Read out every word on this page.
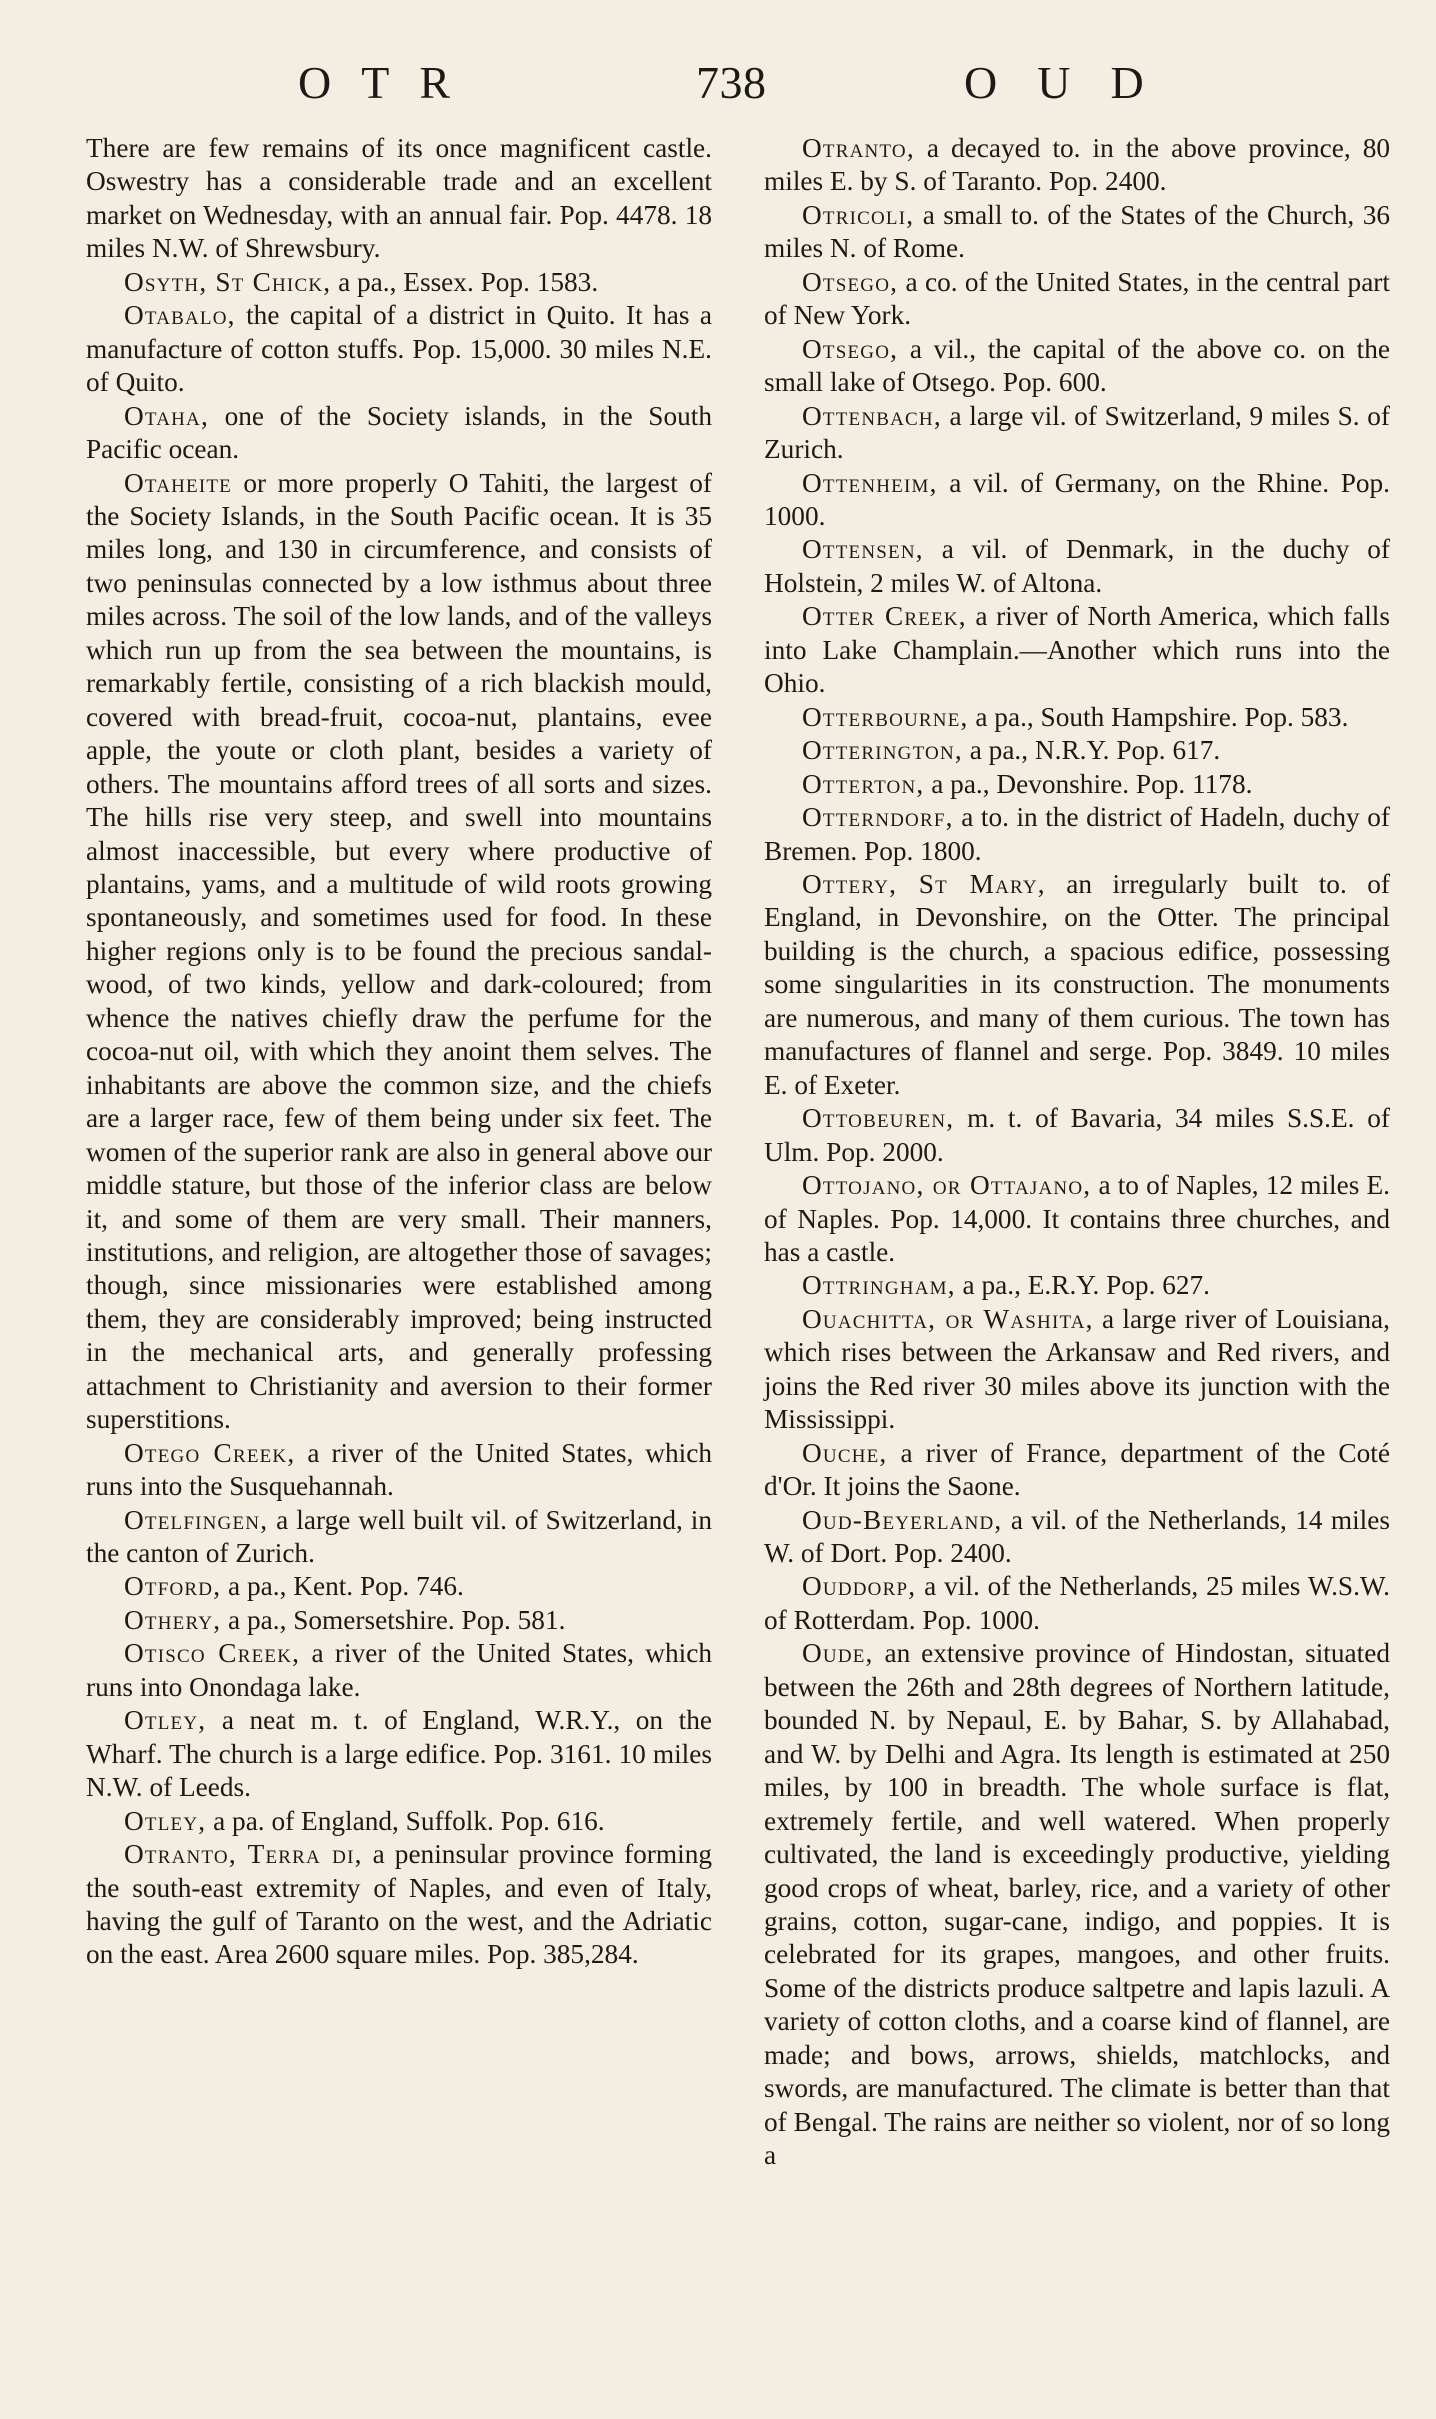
OTR	738	OUD

There are few remains of its once magnificent castle. Oswestry has a considerable trade and an excellent market on Wednesday, with an annual fair. Pop. 4478. 18 miles N.W. of Shrewsbury.

Osyth, St Chick, a pa., Essex. Pop. 1583.

Otabalo, the capital of a district in Quito. It has a manufacture of cotton stuffs. Pop. 15,000. 30 miles N.E. of Quito.

Otaha, one of the Society islands, in the South Pacific ocean.

Otaheite or more properly O Tahiti, the largest of the Society Islands, in the South Pacific ocean. It is 35 miles long, and 130 in circumference, and consists of two peninsulas connected by a low isthmus about three miles across. The soil of the low lands, and of the valleys which run up from the sea between the mountains, is remarkably fertile, consisting of a rich blackish mould, covered with bread-fruit, cocoa-nut, plantains, evee apple, the youte or cloth plant, besides a variety of others. The mountains afford trees of all sorts and sizes. The hills rise very steep, and swell into mountains almost inaccessible, but every where productive of plantains, yams, and a multitude of wild roots growing spontaneously, and sometimes used for food. In these higher regions only is to be found the precious sandal-wood, of two kinds, yellow and dark-coloured; from whence the natives chiefly draw the perfume for the cocoa-nut oil, with which they anoint them selves. The inhabitants are above the common size, and the chiefs are a larger race, few of them being under six feet. The women of the superior rank are also in general above our middle stature, but those of the inferior class are below it, and some of them are very small. Their manners, institutions, and religion, are altogether those of savages; though, since missionaries were established among them, they are considerably improved; being instructed in the mechanical arts, and generally professing attachment to Christianity and aversion to their former superstitions.

Otego Creek, a river of the United States, which runs into the Susquehannah.

Otelfingen, a large well built vil. of Switzerland, in the canton of Zurich.

Otford, a pa., Kent. Pop. 746.

Othery, a pa., Somersetshire. Pop. 581.

Otisco Creek, a river of the United States, which runs into Onondaga lake.

Otley, a neat m. t. of England, W.R.Y., on the Wharf. The church is a large edifice. Pop. 3161. 10 miles N.W. of Leeds.

Otley, a pa. of England, Suffolk. Pop. 616.

Otranto, Terra di, a peninsular province forming the south-east extremity of Naples, and even of Italy, having the gulf of Taranto on the west, and the Adriatic on the east. Area 2600 square miles. Pop. 385,284.

Otranto, a decayed to. in the above province, 80 miles E. by S. of Taranto. Pop. 2400.

Otricoli, a small to. of the States of the Church, 36 miles N. of Rome.

Otsego, a co. of the United States, in the central part of New York.

Otsego, a vil., the capital of the above co. on the small lake of Otsego. Pop. 600.

Ottenbach, a large vil. of Switzerland, 9 miles S. of Zurich.

Ottenheim, a vil. of Germany, on the Rhine. Pop. 1000.

Ottensen, a vil. of Denmark, in the duchy of Holstein, 2 miles W. of Altona.

Otter Creek, a river of North America, which falls into Lake Champlain.—Another which runs into the Ohio.

Otterbourne, a pa., South Hampshire. Pop. 583.

Otterington, a pa., N.R.Y. Pop. 617.

Otterton, a pa., Devonshire. Pop. 1178.

Otterndorf, a to. in the district of Hadeln, duchy of Bremen. Pop. 1800.

Ottery, St Mary, an irregularly built to. of England, in Devonshire, on the Otter. The principal building is the church, a spacious edifice, possessing some singularities in its construction. The monuments are numerous, and many of them curious. The town has manufactures of flannel and serge. Pop. 3849. 10 miles E. of Exeter.

Ottobeuren, m. t. of Bavaria, 34 miles S.S.E. of Ulm. Pop. 2000.

Ottojano, or Ottajano, a to of Naples, 12 miles E. of Naples. Pop. 14,000. It contains three churches, and has a castle.

Ottringham, a pa., E.R.Y. Pop. 627.

Ouachitta, or Washita, a large river of Louisiana, which rises between the Arkansaw and Red rivers, and joins the Red river 30 miles above its junction with the Mississippi.

Ouche, a river of France, department of the Coté d'Or. It joins the Saone.

Oud-Beyerland, a vil. of the Netherlands, 14 miles W. of Dort. Pop. 2400.

Ouddorp, a vil. of the Netherlands, 25 miles W.S.W. of Rotterdam. Pop. 1000.

Oude, an extensive province of Hindostan, situated between the 26th and 28th degrees of Northern latitude, bounded N. by Nepaul, E. by Bahar, S. by Allahabad, and W. by Delhi and Agra. Its length is estimated at 250 miles, by 100 in breadth. The whole surface is flat, extremely fertile, and well watered. When properly cultivated, the land is exceedingly productive, yielding good crops of wheat, barley, rice, and a variety of other grains, cotton, sugar-cane, indigo, and poppies. It is celebrated for its grapes, mangoes, and other fruits. Some of the districts produce saltpetre and lapis lazuli. A variety of cotton cloths, and a coarse kind of flannel, are made; and bows, arrows, shields, matchlocks, and swords, are manufactured. The climate is better than that of Bengal. The rains are neither so violent, nor of so long a
